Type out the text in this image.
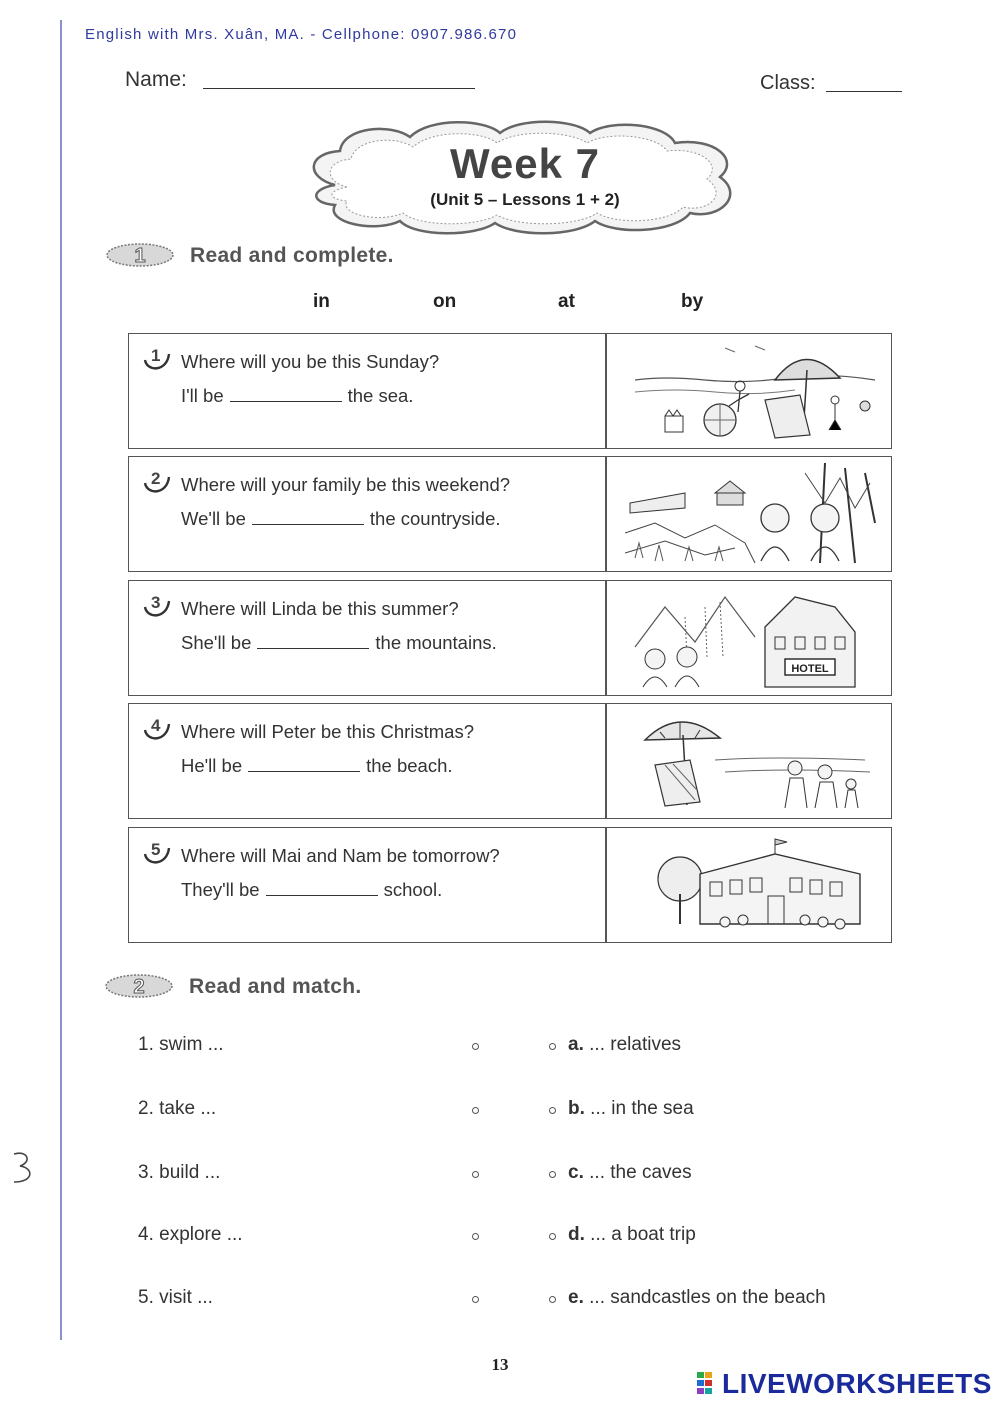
English with Mrs. Xuân, MA. - Cellphone: 0907.986.670
Name:	Class:
Week 7
(Unit 5 – Lessons 1 + 2)
1 Read and complete.
in	on	at	by
1 Where will you be this Sunday?
I'll be	the sea.
2 Where will your family be this weekend?
We'll be	the countryside.
3 Where will Linda be this summer?
She'll be	the mountains.
HOTEL
4 Where will Peter be this Christmas?
He'll be	the beach.
5 Where will Mai and Nam be tomorrow?
They'll be	school.
2 Read and match.
1. swim ...
2. take ...
3. build ...
4. explore ...
5. visit ...
a. ... relatives
b. ... in the sea
c. ... the caves
d. ... a boat trip
e. ... sandcastles on the beach
13
LIVEWORKSHEETS
